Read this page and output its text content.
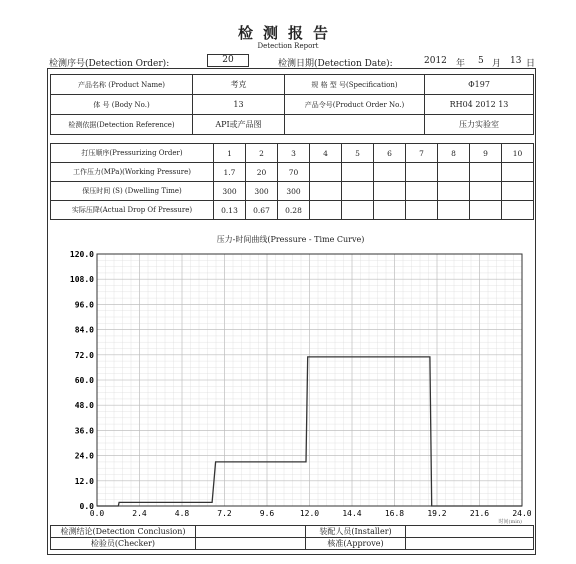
检测报告
Detection Report
检测序号(Detection Order):	20	检测日期(Detection Date):	2012 年 5 月 13 日
产品名称 (Product Name)	考克	规 格 型 号(Specification)	Φ197
体 号 (Body No.)	13	产品令号(Product Order No.)	RH04 2012 13
检测依据(Detection Reference)	API或产品图		压力实验室
打压顺序(Pressurizing Order)	1	2	3	4	5	6	7	8	9	10
工作压力(MPa)(Working Pressure)	1.7	20	70							
保压时间 (S) (Dwelling Time)	300	300	300							
实际压降(Actual Drop Of Pressure)	0.13	0.67	0.28							
压力-时间曲线(Pressure - Time Curve)
0.0
12.0
24.0
36.0
48.0
60.0
72.0
84.0
96.0
108.0
120.0
0.0	2.4	4.8	7.2	9.6	12.0	14.4	16.8	19.2	21.6	24.0
时间(min)
检测结论(Detection Conclusion)		装配人员(Installer)	
检验员(Checker)		核准(Approve)	
